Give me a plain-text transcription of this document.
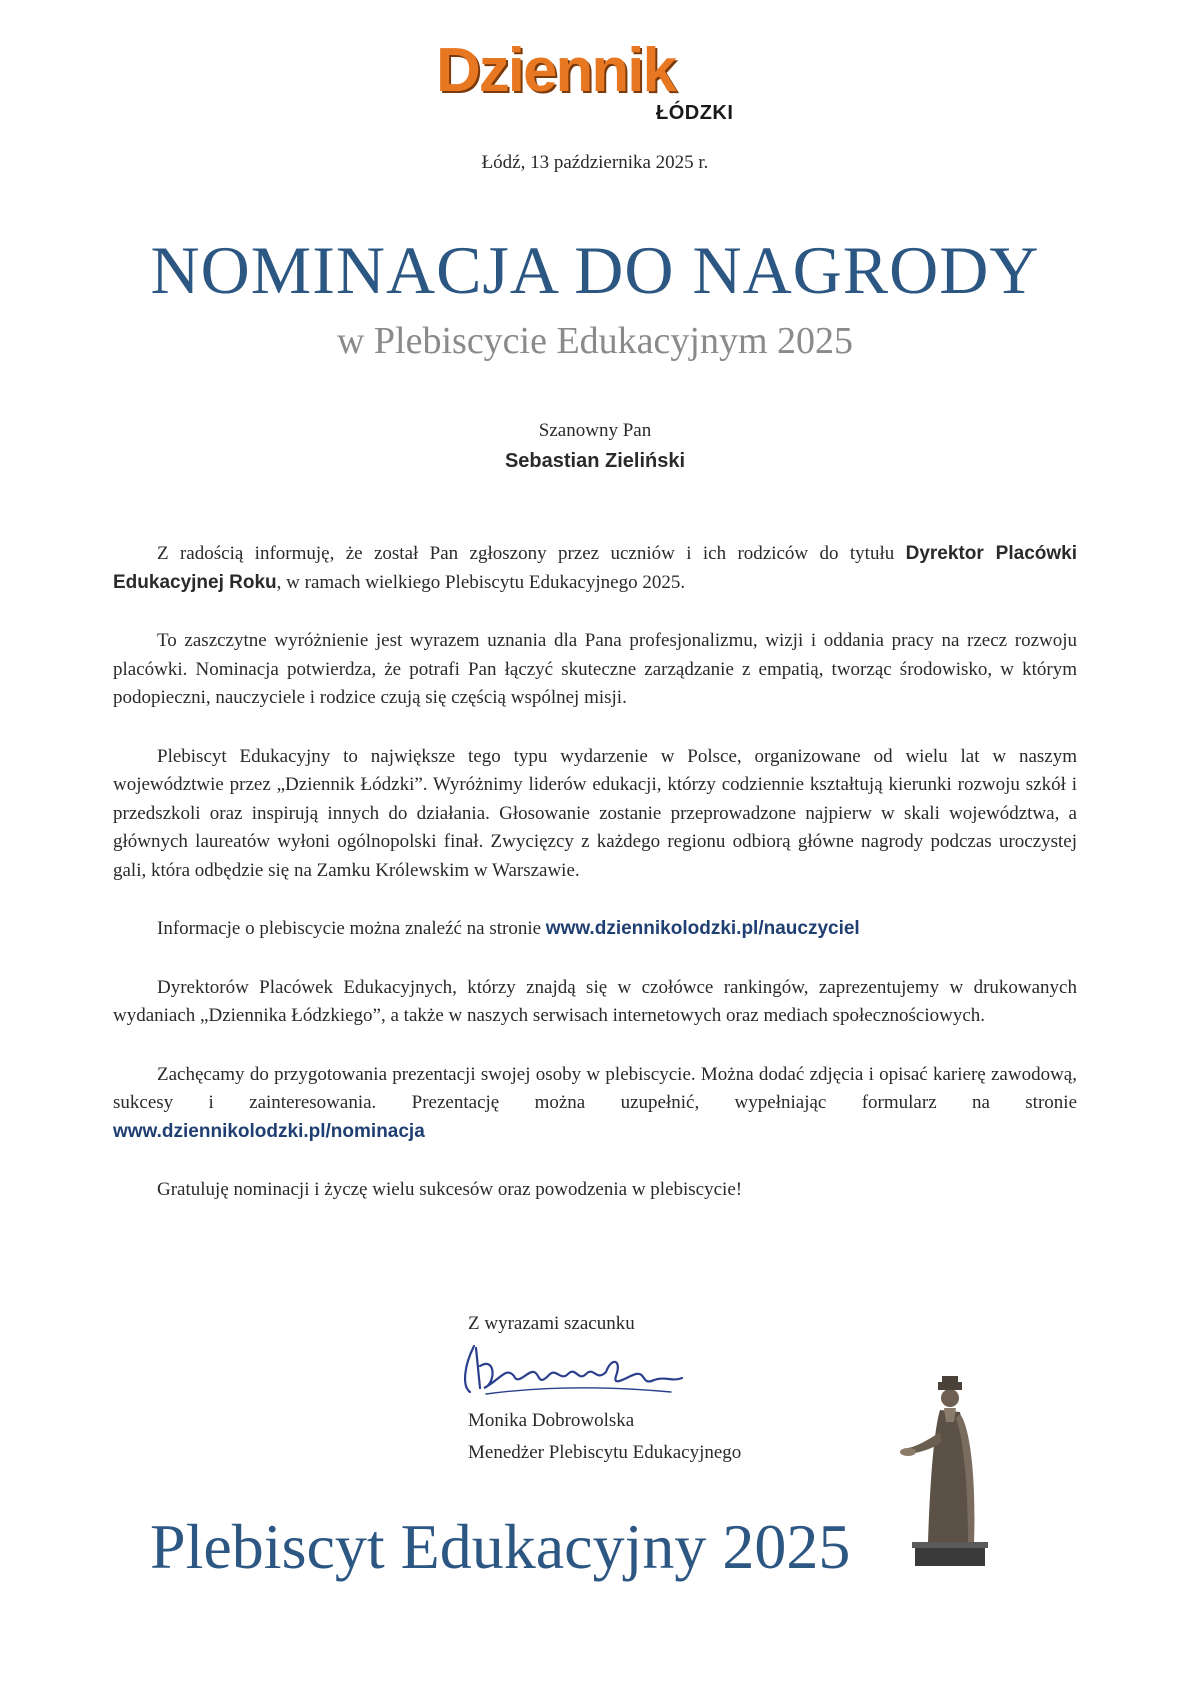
Dziennik
ŁÓDZKI
Łódź, 13 października 2025 r.
NOMINACJA DO NAGRODY
w Plebiscycie Edukacyjnym 2025
Szanowny Pan
Sebastian Zieliński

Z radością informuję, że został Pan zgłoszony przez uczniów i ich rodziców do tytułu Dyrektor Placówki Edukacyjnej Roku, w ramach wielkiego Plebiscytu Edukacyjnego 2025.

To zaszczytne wyróżnienie jest wyrazem uznania dla Pana profesjonalizmu, wizji i oddania pracy na rzecz rozwoju placówki. Nominacja potwierdza, że potrafi Pan łączyć skuteczne zarządzanie z empatią, tworząc środowisko, w którym podopieczni, nauczyciele i rodzice czują się częścią wspólnej misji.

Plebiscyt Edukacyjny to największe tego typu wydarzenie w Polsce, organizowane od wielu lat w naszym województwie przez „Dziennik Łódzki”. Wyróżnimy liderów edukacji, którzy codziennie kształtują kierunki rozwoju szkół i przedszkoli oraz inspirują innych do działania. Głosowanie zostanie przeprowadzone najpierw w skali województwa, a głównych laureatów wyłoni ogólnopolski finał. Zwycięzcy z każdego regionu odbiorą główne nagrody podczas uroczystej gali, która odbędzie się na Zamku Królewskim w Warszawie.

Informacje o plebiscycie można znaleźć na stronie www.dziennikolodzki.pl/nauczyciel

Dyrektorów Placówek Edukacyjnych, którzy znajdą się w czołówce rankingów, zaprezentujemy w drukowanych wydaniach „Dziennika Łódzkiego”, a także w naszych serwisach internetowych oraz mediach społecznościowych.

Zachęcamy do przygotowania prezentacji swojej osoby w plebiscycie. Można dodać zdjęcia i opisać karierę zawodową, sukcesy i zainteresowania. Prezentację można uzupełnić, wypełniając formularz na stronie www.dziennikolodzki.pl/nominacja

Gratuluję nominacji i życzę wielu sukcesów oraz powodzenia w plebiscycie!

Z wyrazami szacunku
Monika Dobrowolska
Menedżer Plebiscytu Edukacyjnego
Plebiscyt Edukacyjny 2025
